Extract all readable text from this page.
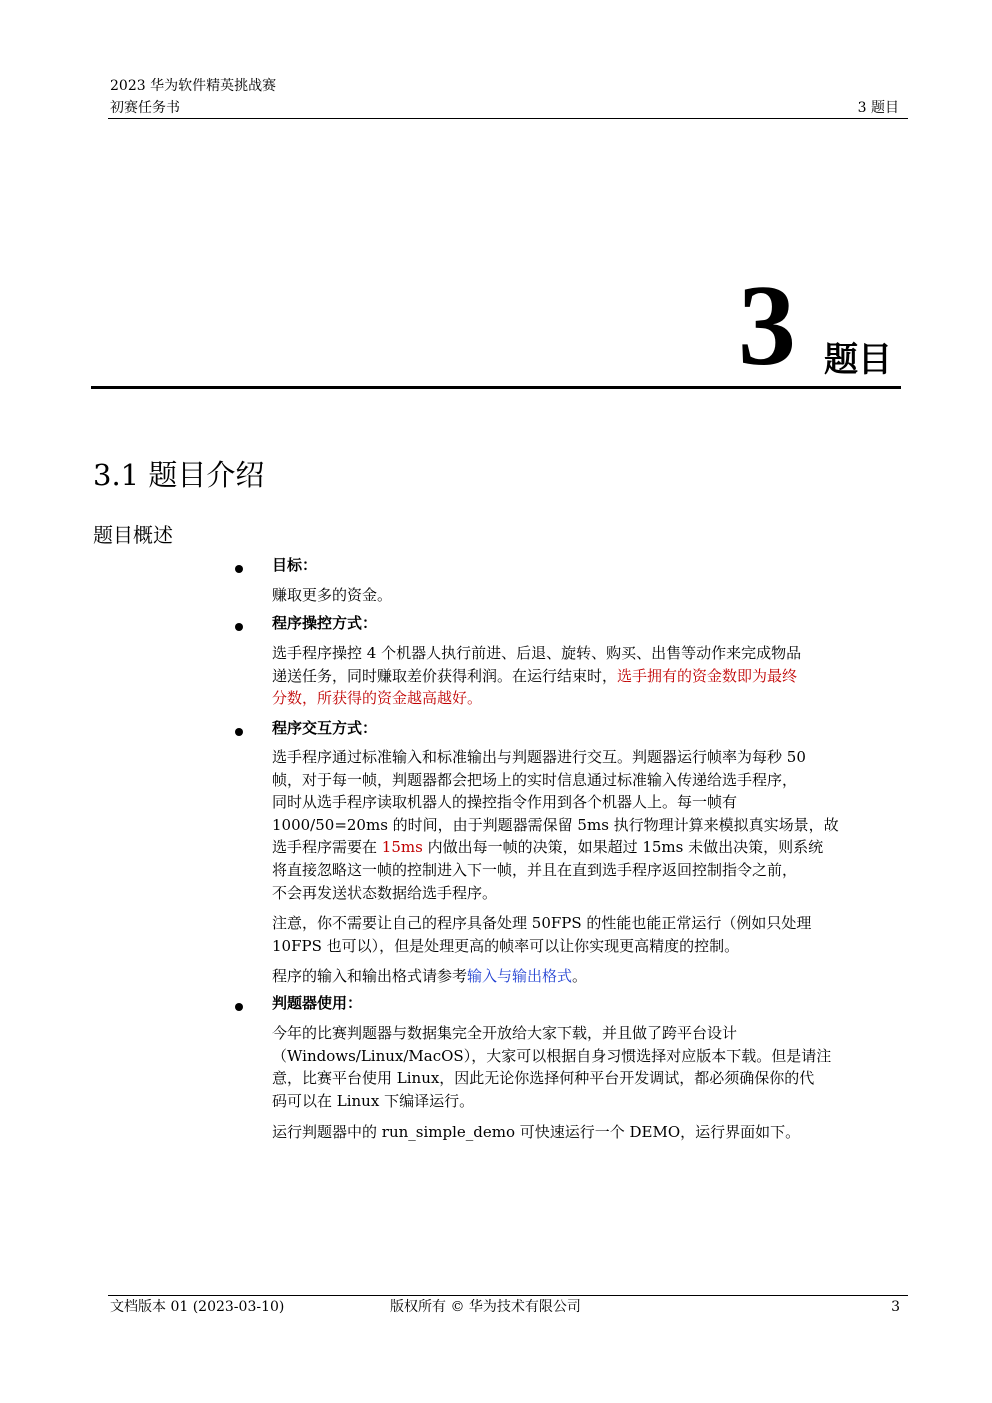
2023 华为软件精英挑战赛
初赛任务书	3 题目
3 题目
3.1 题目介绍
题目概述
目标：
赚取更多的资金。
程序操控方式：
选手程序操控 4 个机器人执行前进、后退、旋转、购买、出售等动作来完成物品
递送任务，同时赚取差价获得利润。在运行结束时，选手拥有的资金数即为最终
分数，所获得的资金越高越好。
程序交互方式：
选手程序通过标准输入和标准输出与判题器进行交互。判题器运行帧率为每秒 50
帧，对于每一帧，判题器都会把场上的实时信息通过标准输入传递给选手程序，
同时从选手程序读取机器人的操控指令作用到各个机器人上。每一帧有
1000/50=20ms 的时间，由于判题器需保留 5ms 执行物理计算来模拟真实场景，故
选手程序需要在 15ms 内做出每一帧的决策，如果超过 15ms 未做出决策，则系统
将直接忽略这一帧的控制进入下一帧，并且在直到选手程序返回控制指令之前，
不会再发送状态数据给选手程序。
注意，你不需要让自己的程序具备处理 50FPS 的性能也能正常运行（例如只处理
10FPS 也可以），但是处理更高的帧率可以让你实现更高精度的控制。
程序的输入和输出格式请参考输入与输出格式。
判题器使用：
今年的比赛判题器与数据集完全开放给大家下载，并且做了跨平台设计
（Windows/Linux/MacOS），大家可以根据自身习惯选择对应版本下载。但是请注
意，比赛平台使用 Linux，因此无论你选择何种平台开发调试，都必须确保你的代
码可以在 Linux 下编译运行。
运行判题器中的 run_simple_demo 可快速运行一个 DEMO，运行界面如下。
文档版本 01 (2023-03-10)	版权所有 © 华为技术有限公司	3
